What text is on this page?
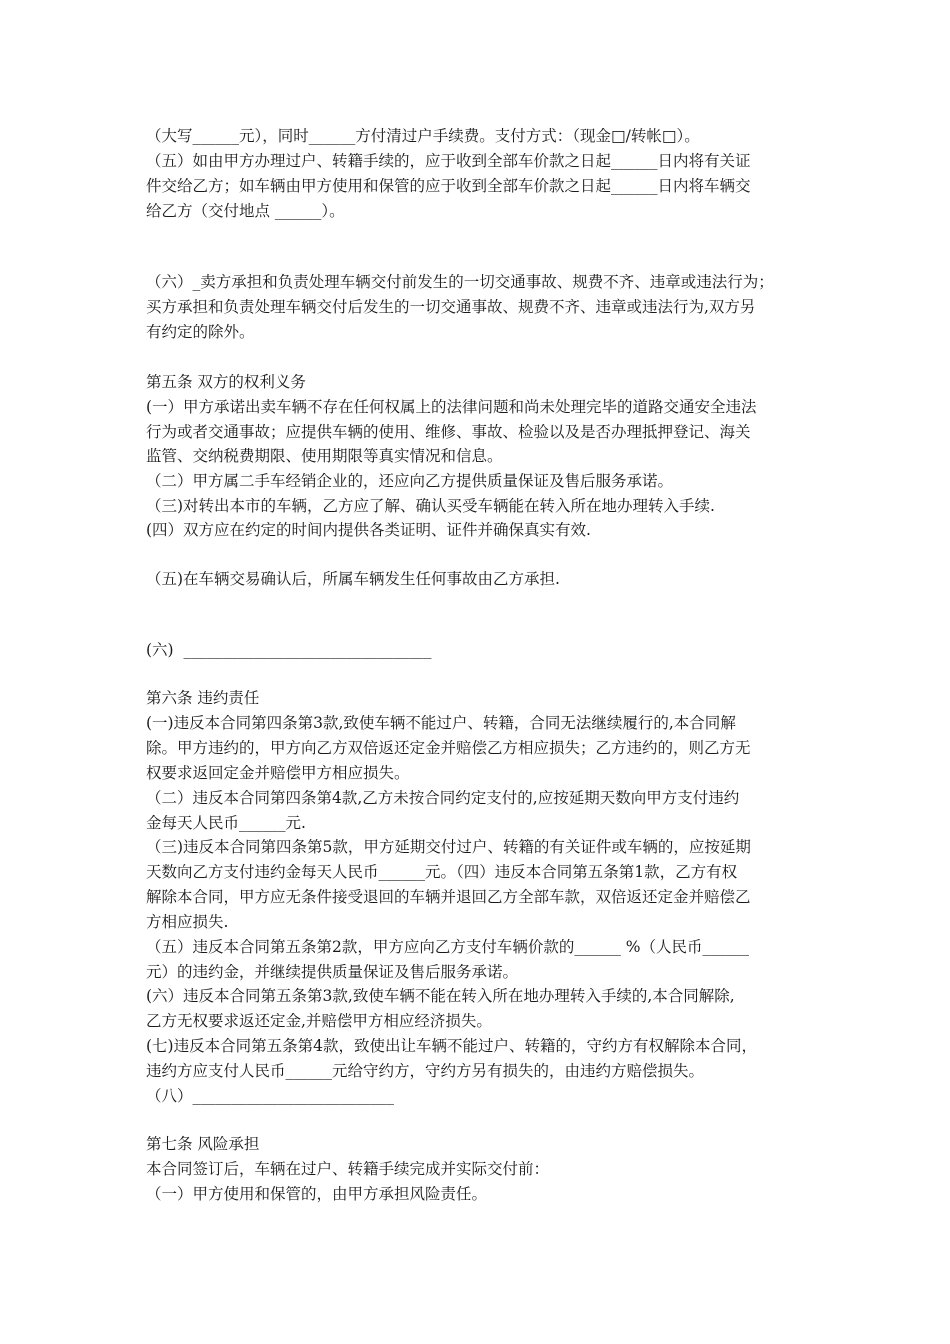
（大写______元），同时______方付清过户手续费。支付方式：（现金□/转帐□）。
（五）如由甲方办理过户、转籍手续的，应于收到全部车价款之日起______日内将有关证
件交给乙方；如车辆由甲方使用和保管的应于收到全部车价款之日起______日内将车辆交
给乙方（交付地点 ______）。
（六）_卖方承担和负责处理车辆交付前发生的一切交通事故、规费不齐、违章或违法行为；
买方承担和负责处理车辆交付后发生的一切交通事故、规费不齐、违章或违法行为,双方另
有约定的除外。
第五条 双方的权利义务
(一）甲方承诺出卖车辆不存在任何权属上的法律问题和尚未处理完毕的道路交通安全违法
行为或者交通事故；应提供车辆的使用、维修、事故、检验以及是否办理抵押登记、海关
监管、交纳税费期限、使用期限等真实情况和信息。
（二）甲方属二手车经销企业的，还应向乙方提供质量保证及售后服务承诺。
（三)对转出本市的车辆，乙方应了解、确认买受车辆能在转入所在地办理转入手续.
(四）双方应在约定的时间内提供各类证明、证件并确保真实有效.
（五)在车辆交易确认后，所属车辆发生任何事故由乙方承担.
(六)  ________________________________
第六条 违约责任
(一)违反本合同第四条第3款,致使车辆不能过户、转籍，合同无法继续履行的,本合同解
除。甲方违约的，甲方向乙方双倍返还定金并赔偿乙方相应损失；乙方违约的，则乙方无
权要求返回定金并赔偿甲方相应损失。
（二）违反本合同第四条第4款,乙方未按合同约定支付的,应按延期天数向甲方支付违约
金每天人民币______元.
（三)违反本合同第四条第5款，甲方延期交付过户、转籍的有关证件或车辆的，应按延期
天数向乙方支付违约金每天人民币______元。（四）违反本合同第五条第1款，乙方有权
解除本合同，甲方应无条件接受退回的车辆并退回乙方全部车款，双倍返还定金并赔偿乙
方相应损失.
（五）违反本合同第五条第2款，甲方应向乙方支付车辆价款的______ %（人民币______
元）的违约金，并继续提供质量保证及售后服务承诺。
(六）违反本合同第五条第3款,致使车辆不能在转入所在地办理转入手续的,本合同解除,
乙方无权要求返还定金,并赔偿甲方相应经济损失。
(七)违反本合同第五条第4款，致使出让车辆不能过户、转籍的，守约方有权解除本合同，
违约方应支付人民币______元给守约方，守约方另有损失的，由违约方赔偿损失。
（八）__________________________
第七条 风险承担
本合同签订后，车辆在过户、转籍手续完成并实际交付前：
（一）甲方使用和保管的，由甲方承担风险责任。
